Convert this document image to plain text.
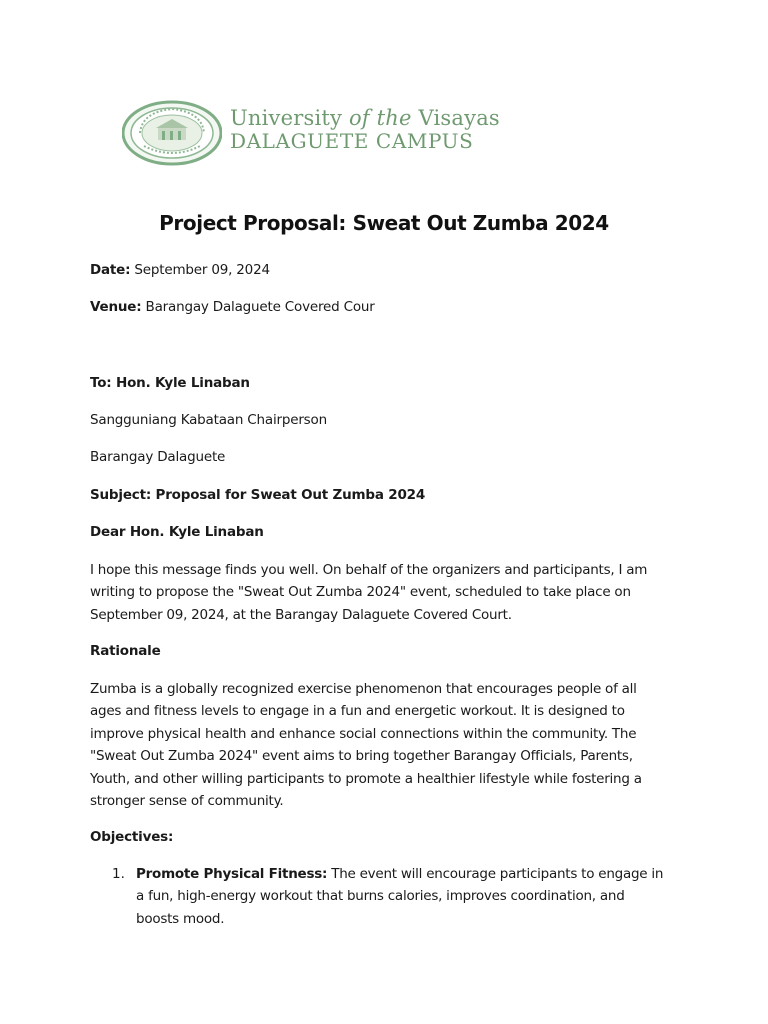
University of the Visayas
DALAGUETE CAMPUS
Project Proposal: Sweat Out Zumba 2024
Date: September 09, 2024
Venue: Barangay Dalaguete Covered Cour
To: Hon. Kyle Linaban
Sangguniang Kabataan Chairperson
Barangay Dalaguete
Subject: Proposal for Sweat Out Zumba 2024
Dear Hon. Kyle Linaban
I hope this message finds you well. On behalf of the organizers and participants, I am writing to propose the "Sweat Out Zumba 2024" event, scheduled to take place on September 09, 2024, at the Barangay Dalaguete Covered Court.
Rationale
Zumba is a globally recognized exercise phenomenon that encourages people of all ages and fitness levels to engage in a fun and energetic workout. It is designed to improve physical health and enhance social connections within the community. The "Sweat Out Zumba 2024" event aims to bring together Barangay Officials, Parents, Youth, and other willing participants to promote a healthier lifestyle while fostering a stronger sense of community.
Objectives:
1. Promote Physical Fitness: The event will encourage participants to engage in a fun, high-energy workout that burns calories, improves coordination, and boosts mood.
